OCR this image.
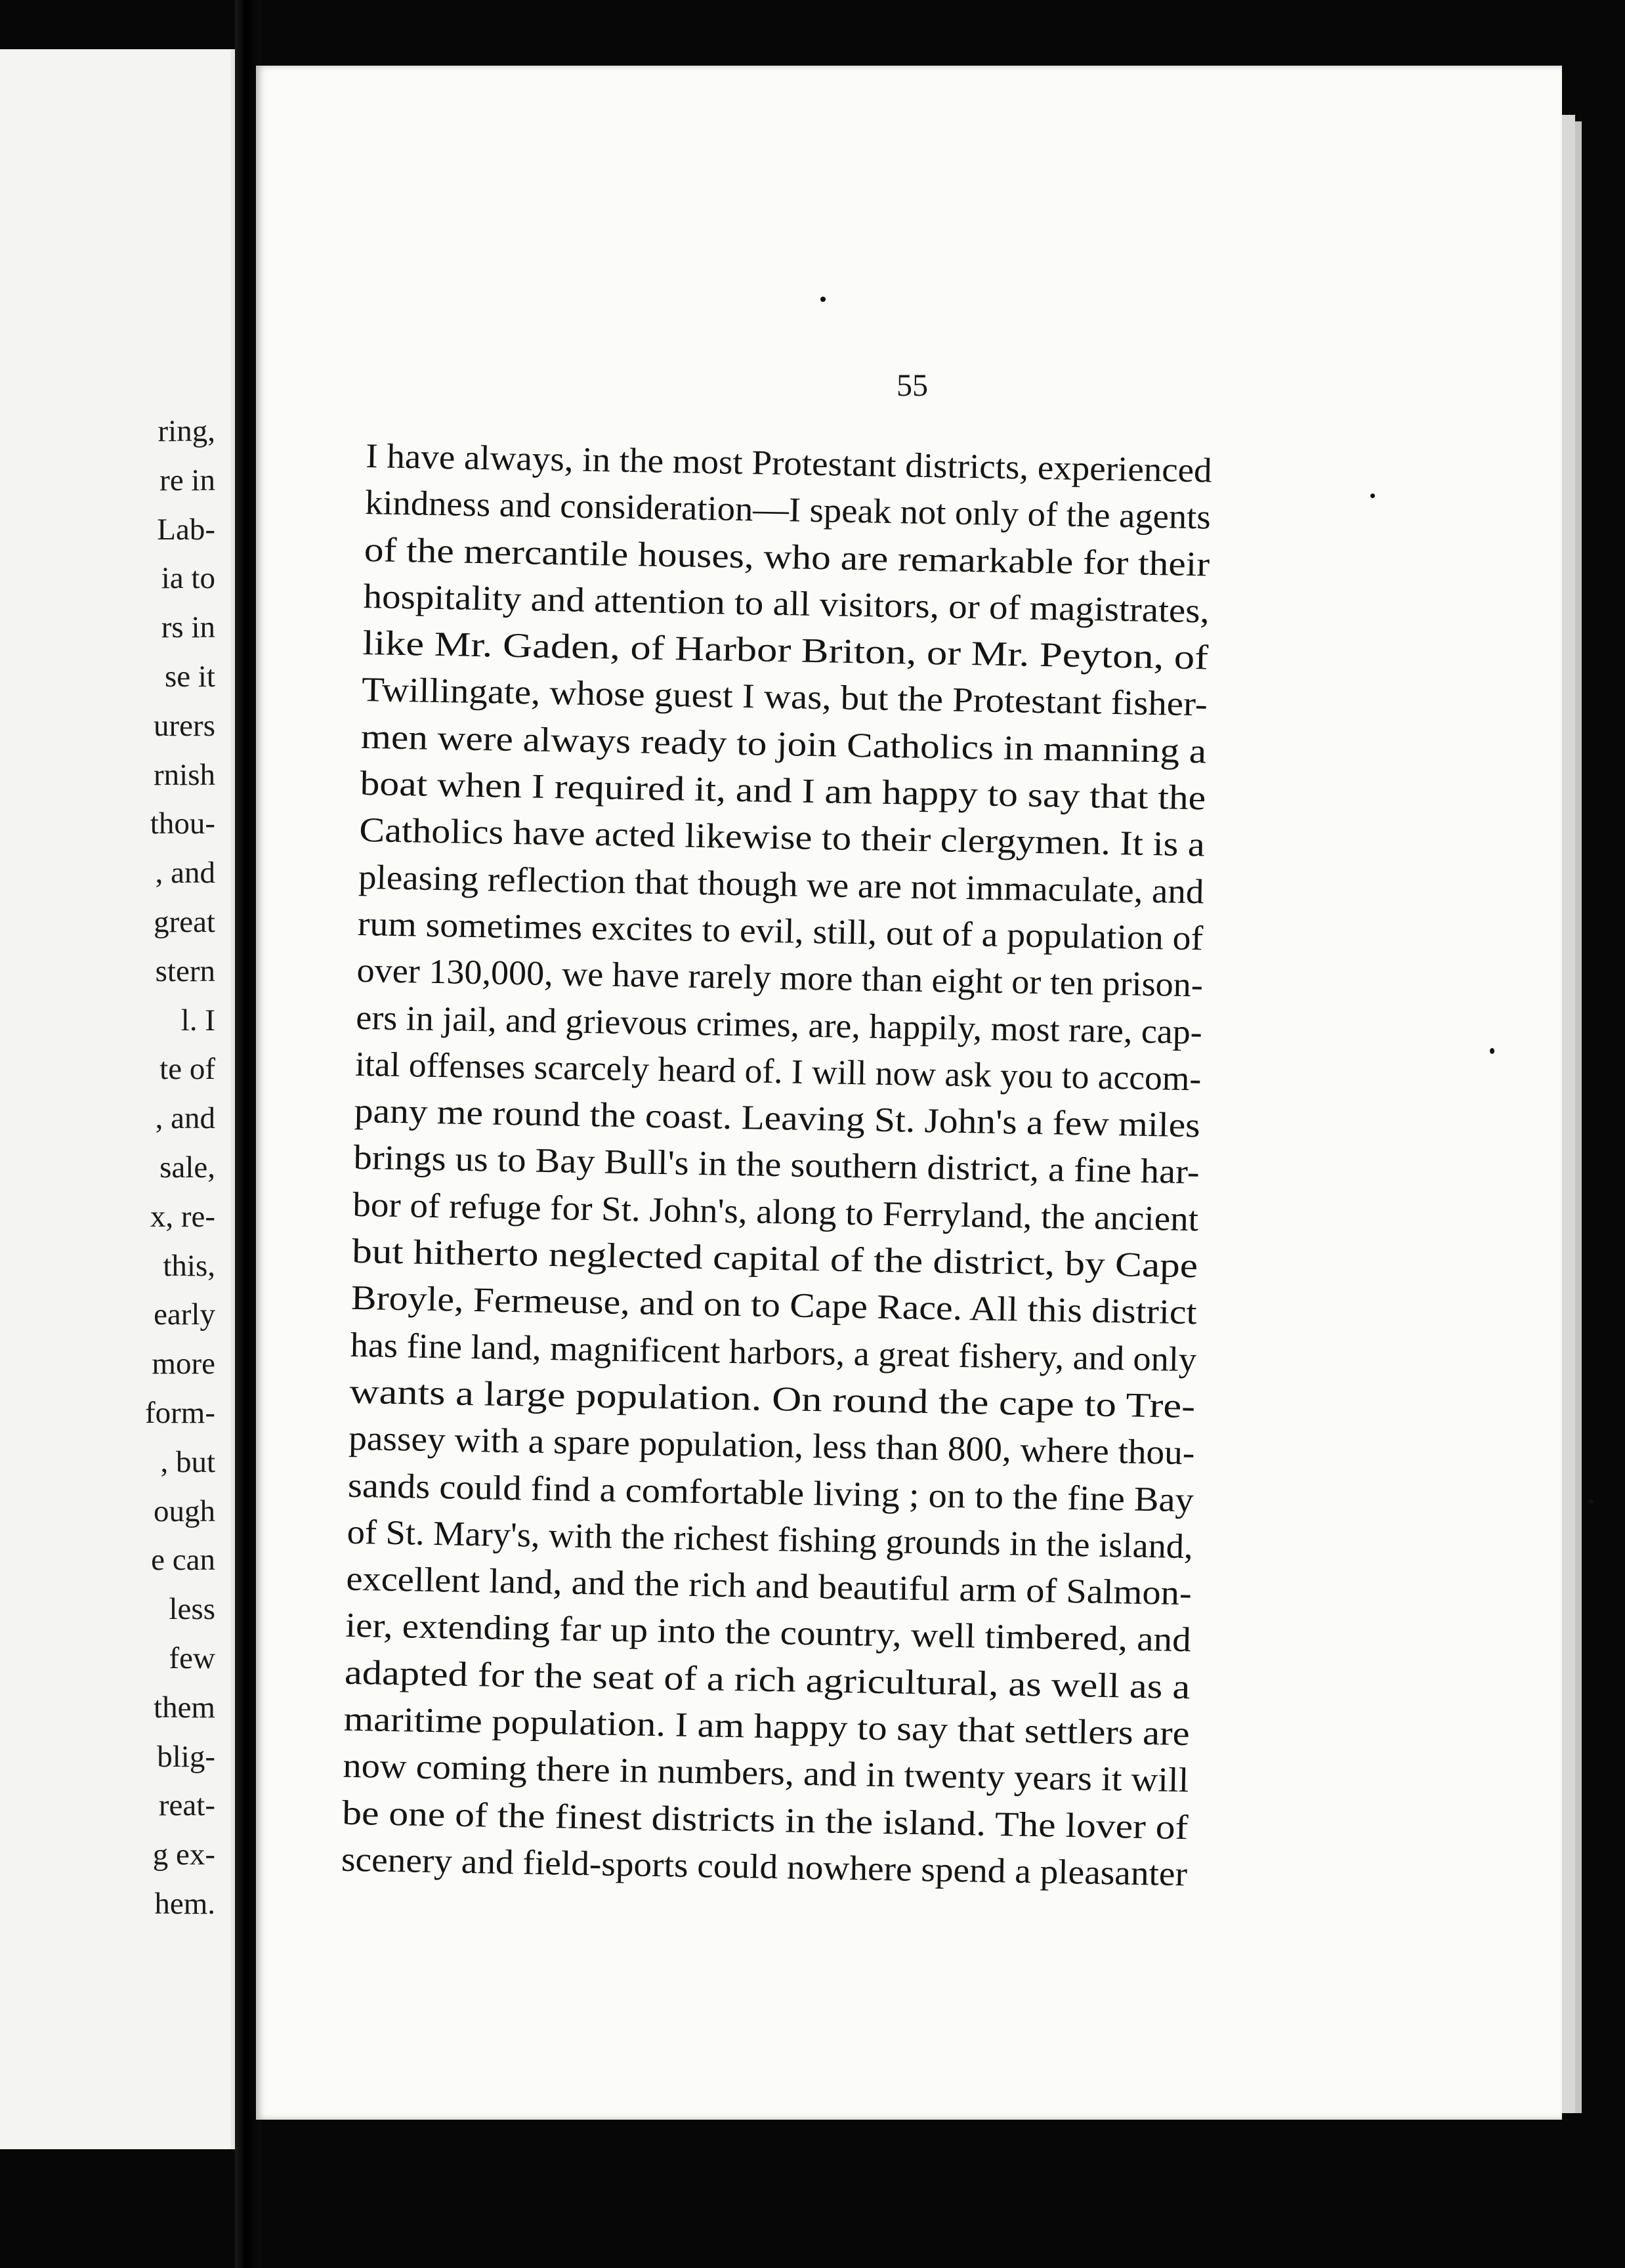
ring,
re in
Lab-
ia to
rs in
se it
urers
rnish
thou-
, and
great
stern
l. I
te of
, and
sale,
x, re-
this,
early
more
form-
, but
ough
e can
less
few
them
blig-
reat-
g ex-
hem.
55
I have always, in the most Protestant districts, experienced
kindness and consideration—I speak not only of the agents
of the mercantile houses, who are remarkable for their
hospitality and attention to all visitors, or of magistrates,
like Mr. Gaden, of Harbor Briton, or Mr. Peyton, of
Twillingate, whose guest I was, but the Protestant fisher-
men were always ready to join Catholics in manning a
boat when I required it, and I am happy to say that the
Catholics have acted likewise to their clergymen. It is a
pleasing reflection that though we are not immaculate, and
rum sometimes excites to evil, still, out of a population of
over 130,000, we have rarely more than eight or ten prison-
ers in jail, and grievous crimes, are, happily, most rare, cap-
ital offenses scarcely heard of. I will now ask you to accom-
pany me round the coast. Leaving St. John's a few miles
brings us to Bay Bull's in the southern district, a fine har-
bor of refuge for St. John's, along to Ferryland, the ancient
but hitherto neglected capital of the district, by Cape
Broyle, Fermeuse, and on to Cape Race. All this district
has fine land, magnificent harbors, a great fishery, and only
wants a large population. On round the cape to Tre-
passey with a spare population, less than 800, where thou-
sands could find a comfortable living ; on to the fine Bay
of St. Mary's, with the richest fishing grounds in the island,
excellent land, and the rich and beautiful arm of Salmon-
ier, extending far up into the country, well timbered, and
adapted for the seat of a rich agricultural, as well as a
maritime population. I am happy to say that settlers are
now coming there in numbers, and in twenty years it will
be one of the finest districts in the island. The lover of
scenery and field-sports could nowhere spend a pleasanter
